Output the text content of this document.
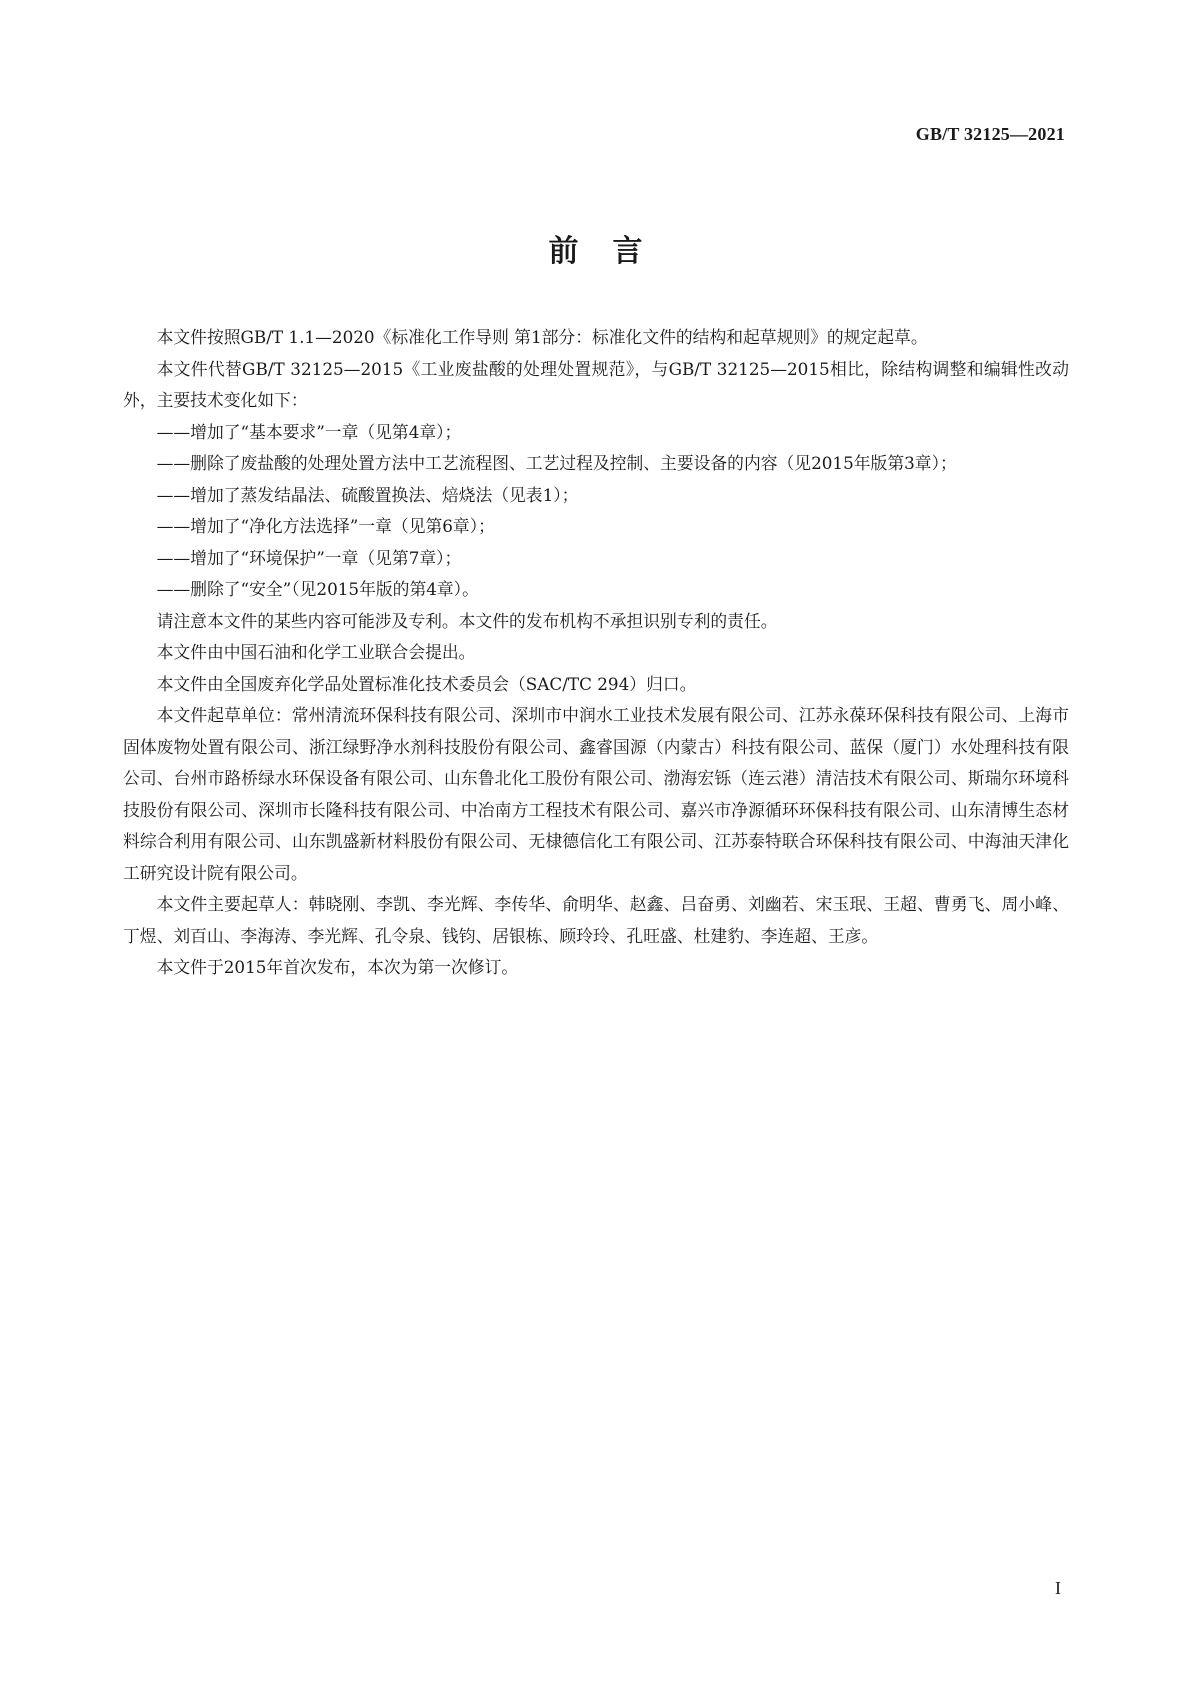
GB/T 32125—2021
前言

本文件按照GB/T 1.1—2020《标准化工作导则 第1部分：标准化文件的结构和起草规则》的规定起草。

本文件代替GB/T 32125—2015《工业废盐酸的处理处置规范》，与GB/T 32125—2015相比，除结构调整和编辑性改动外，主要技术变化如下：

——增加了“基本要求”一章（见第4章）；

——删除了废盐酸的处理处置方法中工艺流程图、工艺过程及控制、主要设备的内容（见2015年版第3章）；

——增加了蒸发结晶法、硫酸置换法、焙烧法（见表1）；

——增加了“净化方法选择”一章（见第6章）；

——增加了“环境保护”一章（见第7章）；

——删除了“安全”（见2015年版的第4章）。

请注意本文件的某些内容可能涉及专利。本文件的发布机构不承担识别专利的责任。

本文件由中国石油和化学工业联合会提出。

本文件由全国废弃化学品处置标准化技术委员会（SAC/TC 294）归口。

本文件起草单位：常州清流环保科技有限公司、深圳市中润水工业技术发展有限公司、江苏永葆环保科技有限公司、上海市固体废物处置有限公司、浙江绿野净水剂科技股份有限公司、鑫睿国源（内蒙古）科技有限公司、蓝保（厦门）水处理科技有限公司、台州市路桥绿水环保设备有限公司、山东鲁北化工股份有限公司、渤海宏铄（连云港）清洁技术有限公司、斯瑞尔环境科技股份有限公司、深圳市长隆科技有限公司、中冶南方工程技术有限公司、嘉兴市净源循环环保科技有限公司、山东清博生态材料综合利用有限公司、山东凯盛新材料股份有限公司、无棣德信化工有限公司、江苏泰特联合环保科技有限公司、中海油天津化工研究设计院有限公司。

本文件主要起草人：韩晓刚、李凯、李光辉、李传华、俞明华、赵鑫、吕奋勇、刘幽若、宋玉珉、王超、曹勇飞、周小峰、丁煜、刘百山、李海涛、李光辉、孔令泉、钱钧、居银栋、顾玲玲、孔旺盛、杜建豹、李连超、王彦。

本文件于2015年首次发布，本次为第一次修订。

I
